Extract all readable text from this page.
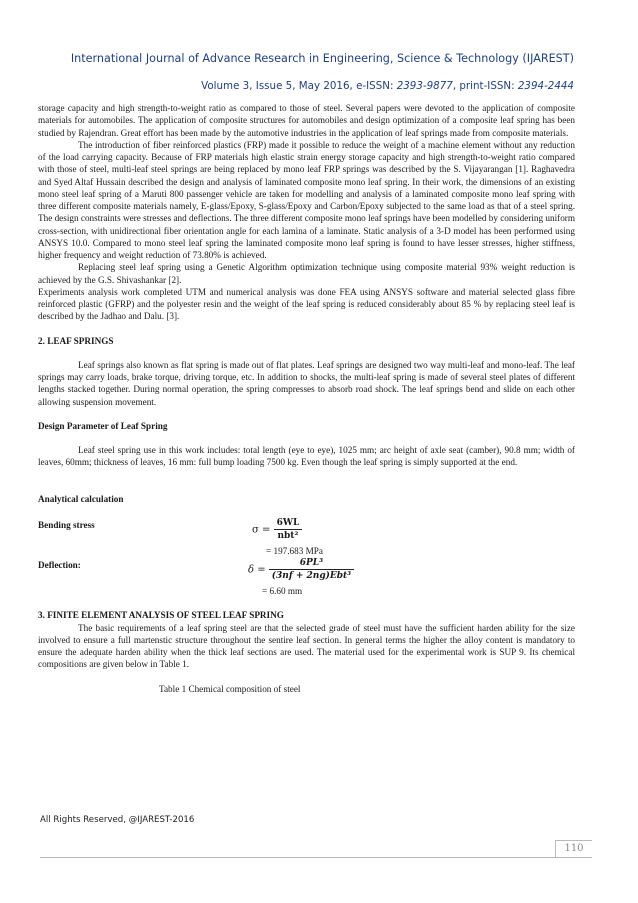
International Journal of Advance Research in Engineering, Science & Technology (IJAREST)
Volume 3, Issue 5, May 2016, e-ISSN: 2393-9877, print-ISSN: 2394-2444

storage capacity and high strength-to-weight ratio as compared to those of steel. Several papers were devoted to the application of composite materials for automobiles. The application of composite structures for automobiles and design optimization of a composite leaf spring has been studied by Rajendran. Great effort has been made by the automotive industries in the application of leaf springs made from composite materials.

The introduction of fiber reinforced plastics (FRP) made it possible to reduce the weight of a machine element without any reduction of the load carrying capacity. Because of FRP materials high elastic strain energy storage capacity and high strength-to-weight ratio compared with those of steel, multi-leaf steel springs are being replaced by mono leaf FRP springs was described by the S. Vijayarangan [1]. Raghavedra and Syed Altaf Hussain described the design and analysis of laminated composite mono leaf spring. In their work, the dimensions of an existing mono steel leaf spring of a Maruti 800 passenger vehicle are taken for modelling and analysis of a laminated composite mono leaf spring with three different composite materials namely, E-glass/Epoxy, S-glass/Epoxy and Carbon/Epoxy subjected to the same load as that of a steel spring. The design constraints were stresses and deflections. The three different composite mono leaf springs have been modelled by considering uniform cross-section, with unidirectional fiber orientation angle for each lamina of a laminate. Static analysis of a 3-D model has been performed using ANSYS 10.0. Compared to mono steel leaf spring the laminated composite mono leaf spring is found to have lesser stresses, higher stiffness, higher frequency and weight reduction of 73.80% is achieved.

Replacing steel leaf spring using a Genetic Algorithm optimization technique using composite material 93% weight reduction is achieved by the G.S. Shivashankar [2].

Experiments analysis work completed UTM and numerical analysis was done FEA using ANSYS software and material selected glass fibre reinforced plastic (GFRP) and the polyester resin and the weight of the leaf spring is reduced considerably about 85 % by replacing steel leaf is described by the Jadhao and Dalu. [3].

2. LEAF SPRINGS

Leaf springs also known as flat spring is made out of flat plates. Leaf springs are designed two way multi-leaf and mono-leaf. The leaf springs may carry loads, brake torque, driving torque, etc. In addition to shocks, the multi-leaf spring is made of several steel plates of different lengths stacked together. During normal operation, the spring compresses to absorb road shock. The leaf springs bend and slide on each other allowing suspension movement.

Design Parameter of Leaf Spring

Leaf steel spring use in this work includes: total length (eye to eye), 1025 mm; arc height of axle seat (camber), 90.8 mm; width of leaves, 60mm; thickness of leaves, 16 mm: full bump loading 7500 kg. Even though the leaf spring is simply supported at the end.

Analytical calculation

Bending stress	$\sigma = \frac{6WL}{\text{nbt²}}$

= 197.683 MPa

Deflection:	$\delta = \frac{\text{6PL³}}{\text{(3nf + 2ng)Ebt³}}$

= 6.60 mm

3. FINITE ELEMENT ANALYSIS OF STEEL LEAF SPRING

The basic requirements of a leaf spring steel are that the selected grade of steel must have the sufficient harden ability for the size involved to ensure a full martenstic structure throughout the sentire leaf section. In general terms the higher the alloy content is mandatory to ensure the adequate harden ability when the thick leaf sections are used. The material used for the experimental work is SUP 9. Its chemical compositions are given below in Table 1.

Table 1 Chemical composition of steel

All Rights Reserved, @IJAREST-2016
110
